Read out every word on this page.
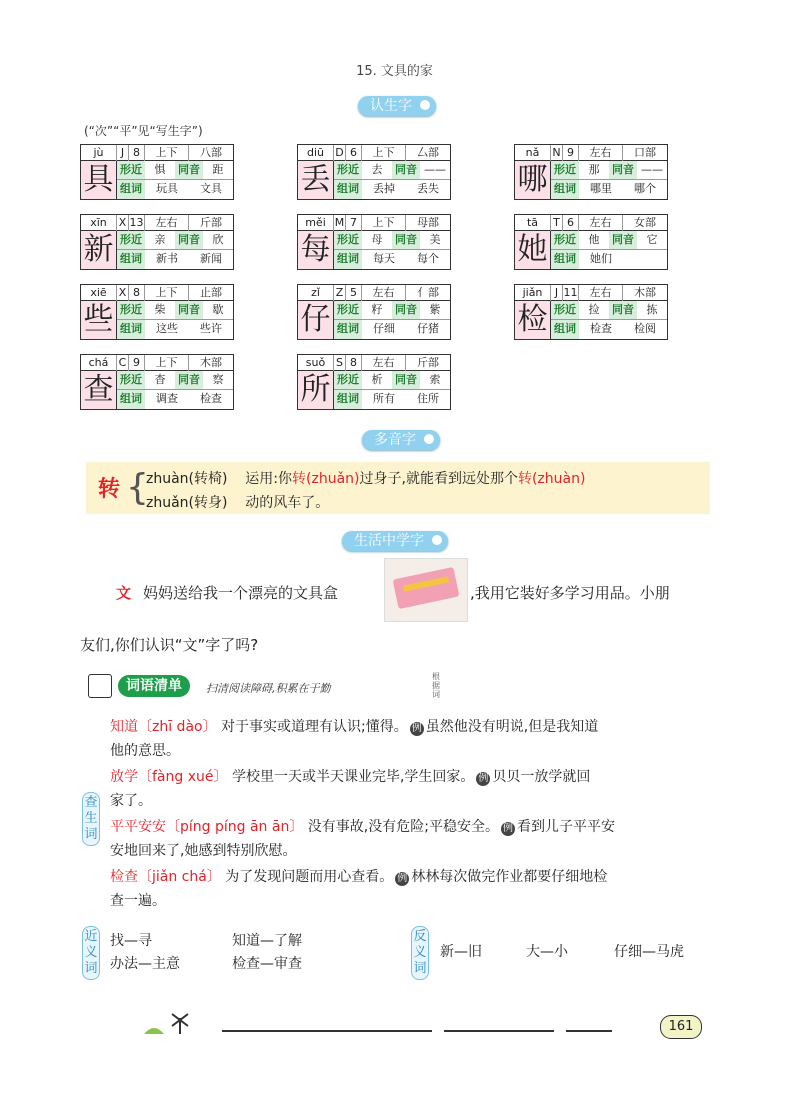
15. 文具的家
认生字
(“次”“平”见“写生字”)
jù	J 8	上下	八部
具 形近	惧	同音	距
组词	玩具	文具
diū	D 6	上下	厶部
丢 形近	去	同音 ——
组词	丢掉	丢失
nǎ	N 9	左右	口部
哪 形近	那	同音 ——
组词	哪里	哪个
xīn	X 13	左右	斤部
新 形近	亲	同音	欣
组词	新书	新闻
měi M 7	上下	母部
每 形近	母	同音	美
组词	每天	每个
tā	T 6	左右	女部
她 形近	他	同音	它
组词	她们
xiē	X 8	上下	止部
些 形近	柴	同音	歇
组词	这些	些许
zǐ	Z 5	左右	亻部
仔 形近	籽	同音	紫
组词	仔细	仔猪
jiǎn	J 11	左右	木部
检 形近	捡	同音	拣
组词	检查	检阅
chá C 9	上下	木部
查 形近	杳	同音	察
组词	调查	检查
suǒ S 8	左右	斤部
所 形近	析	同音	索
组词	所有	住所
多音字
转 {
zhuàn(转椅) 运用:你转(zhuǎn)过身子,就能看到远处那个转(zhuàn)
zhuǎn(转身) 动的风车了。
生活中学字
文 妈妈送给我一个漂亮的文具盒	,我用它装好多学习用品。小朋
友们,你们认识“文”字了吗?
词语清单	扫清阅读障碍,积累在于勤
根据词
知道〔zhī dào〕 对于事实或道理有认识;懂得。 例 虽然他没有明说,但是我知道
他的意思。
放学〔fàng xué〕 学校里一天或半天课业完毕,学生回家。 例 贝贝一放学就回
家了。
平平安安〔píng píng ān ān〕 没有事故,没有危险;平稳安全。 例 看到儿子平平安
安地回来了,她感到特别欣慰。
检查〔jiǎn chá〕 为了发现问题而用心查看。 例 林林每次做完作业都要仔细地检
查一遍。
查生词
近义词
反义词
找—寻	知道—了解
办法—主意	检查—审查
新—旧	大—小	仔细—马虎
161
